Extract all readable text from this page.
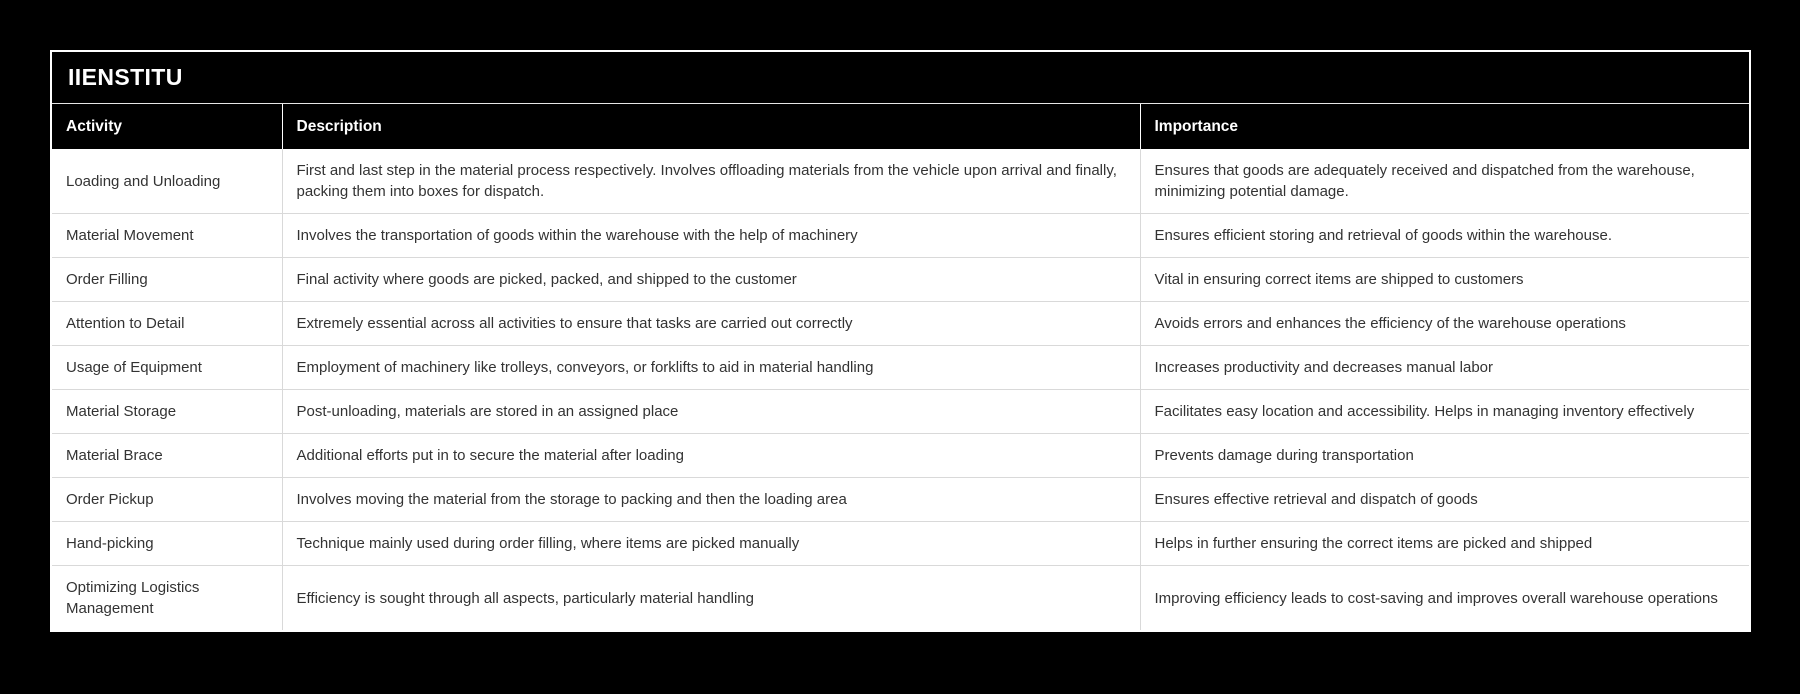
IIENSTITU
Activity	Description	Importance
Loading and Unloading	First and last step in the material process respectively. Involves offloading materials from the vehicle upon arrival and finally, packing them into boxes for dispatch.	Ensures that goods are adequately received and dispatched from the warehouse, minimizing potential damage.
Material Movement	Involves the transportation of goods within the warehouse with the help of machinery	Ensures efficient storing and retrieval of goods within the warehouse.
Order Filling	Final activity where goods are picked, packed, and shipped to the customer	Vital in ensuring correct items are shipped to customers
Attention to Detail	Extremely essential across all activities to ensure that tasks are carried out correctly	Avoids errors and enhances the efficiency of the warehouse operations
Usage of Equipment	Employment of machinery like trolleys, conveyors, or forklifts to aid in material handling	Increases productivity and decreases manual labor
Material Storage	Post-unloading, materials are stored in an assigned place	Facilitates easy location and accessibility. Helps in managing inventory effectively
Material Brace	Additional efforts put in to secure the material after loading	Prevents damage during transportation
Order Pickup	Involves moving the material from the storage to packing and then the loading area	Ensures effective retrieval and dispatch of goods
Hand-picking	Technique mainly used during order filling, where items are picked manually	Helps in further ensuring the correct items are picked and shipped
Optimizing Logistics Management	Efficiency is sought through all aspects, particularly material handling	Improving efficiency leads to cost-saving and improves overall warehouse operations
